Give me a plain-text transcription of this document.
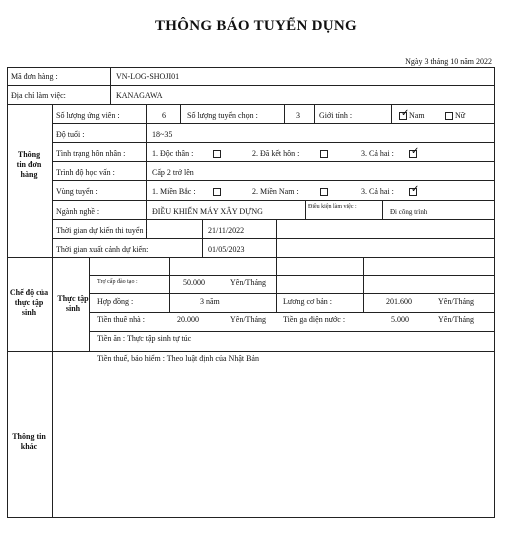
THÔNG BÁO TUYỂN DỤNG
Ngày 3 tháng 10 năm 2022
Mã đơn hàng :	VN-LOG-SHOJI01
Địa chỉ làm việc:	KANAGAWA
Thông tin đơn hàng
Số lượng ứng viên :	6	Số lượng tuyển chọn :	3 Giới tính :
✓	Nam	Nữ
Độ tuổi :	18~35
Tình trạng hôn nhân :	1. Độc thân :	2. Đã kết hôn :	3. Cả hai :
✓
Trình độ học vấn :	Cấp 2 trở lên
Vùng tuyển :	1. Miền Bắc :	2. Miền Nam :	3. Cả hai :
✓
Ngành nghề :	ĐIỀU KHIỂN MÁY XÂY DỰNG	Điều kiện làm việc :
Đi công trình
Thời gian dự kiến thi tuyển :	21/11/2022
Thời gian xuất cảnh dự kiến:	01/05/2023
Chế độ của thực tập sinh
Thực tập sinh
Trợ cấp đào tạo :	50.000	Yên/Tháng
Hợp đồng :	3 năm	Lương cơ bản :	201.600	Yên/Tháng
Tiền thuê nhà :	20.000	Yên/Tháng Tiền ga điện nước :	5.000	Yên/Tháng
Tiền ăn : Thực tập sinh tự túc
Tiền thuế, bảo hiểm : Theo luật định của Nhật Bản
Thông tin khác
